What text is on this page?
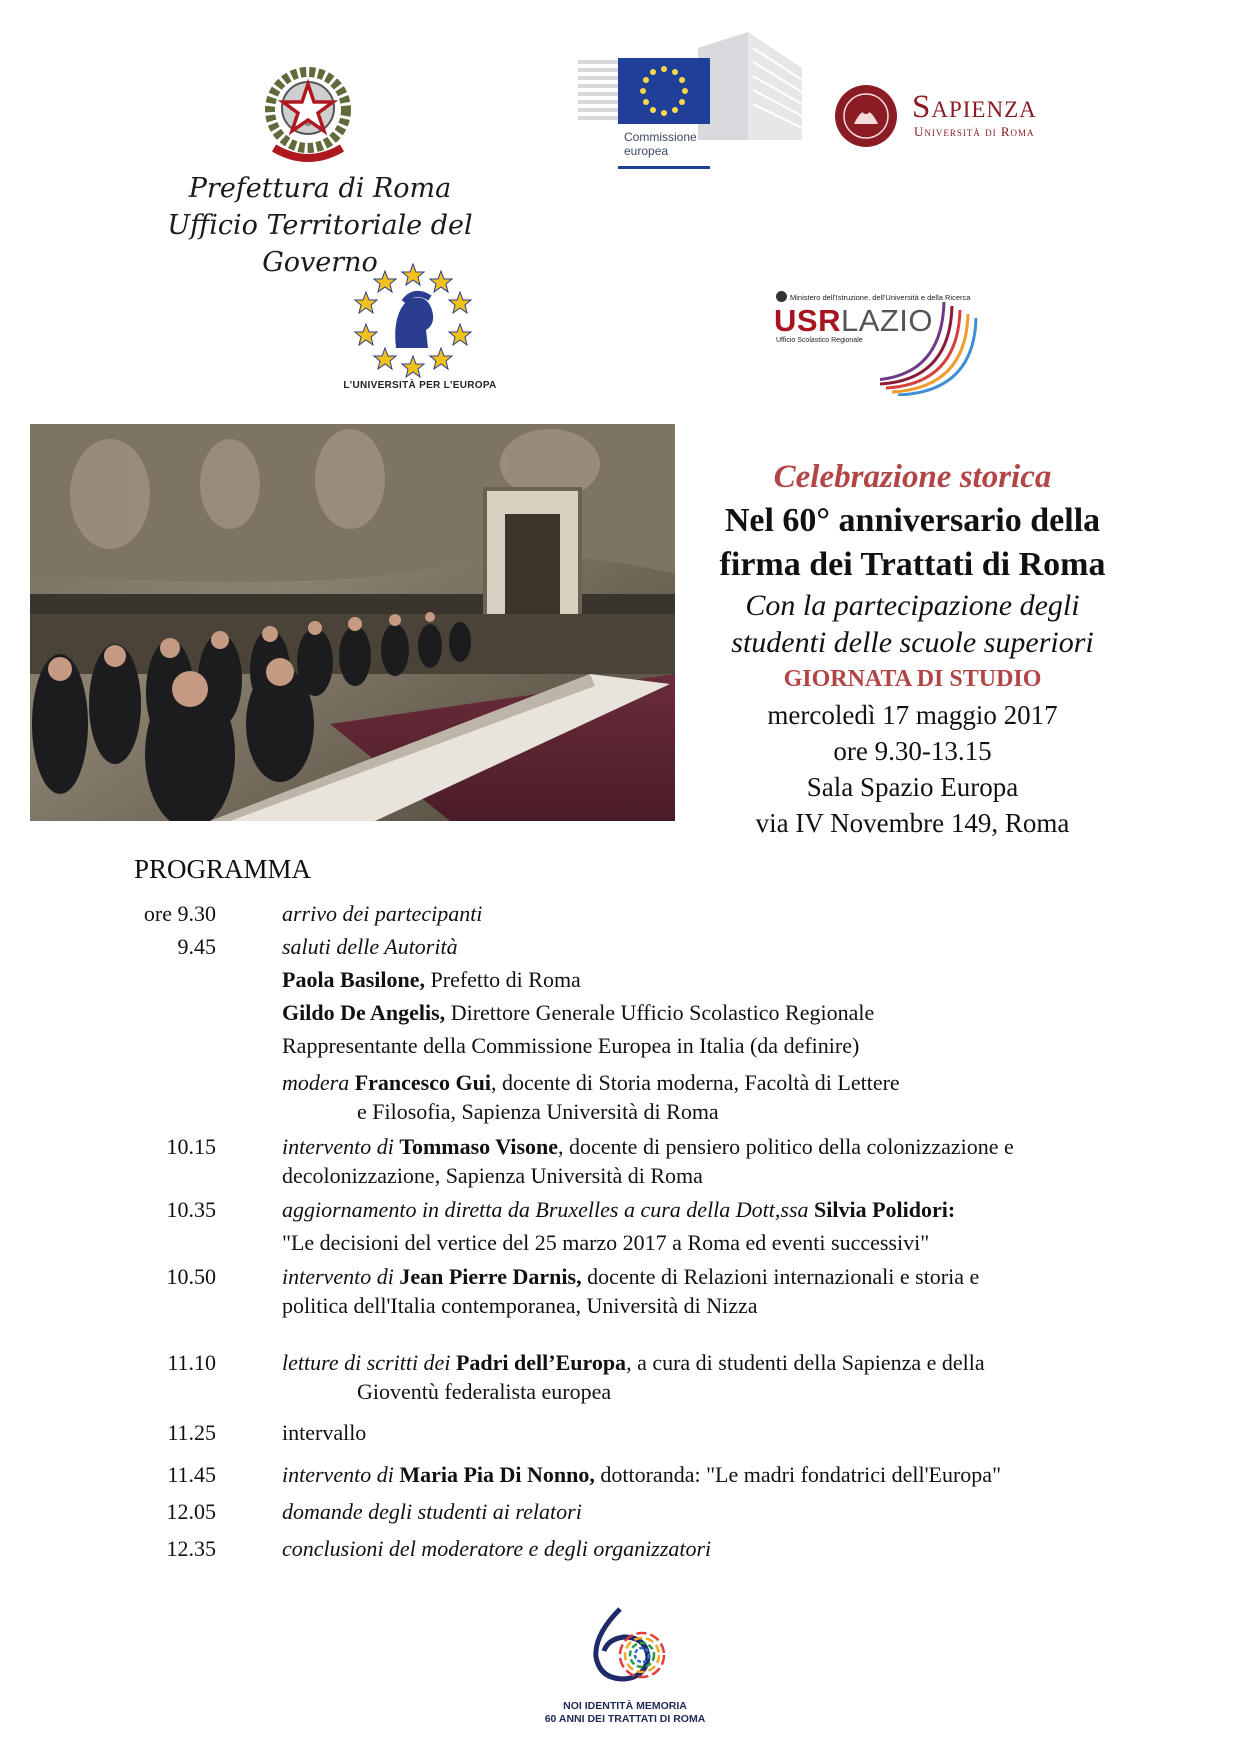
Prefettura di Roma
Ufficio Territoriale del Governo
Commissione
europea
Sapienza
Università di Roma
L'UNIVERSITÀ PER L'EUROPA
Ministero dell'Istruzione, dell'Università e della Ricerca
USRLAZIO
Ufficio Scolastico Regionale
Celebrazione storica
Nel 60° anniversario della
firma dei Trattati di Roma
Con la partecipazione degli
studenti delle scuole superiori
GIORNATA DI STUDIO
mercoledì 17 maggio 2017
ore 9.30-13.15
Sala Spazio Europa
via IV Novembre 149, Roma
PROGRAMMA
ore 9.30	arrivo dei partecipanti
9.45	saluti delle Autorità
Paola Basilone, Prefetto di Roma
Gildo De Angelis, Direttore Generale Ufficio Scolastico Regionale
Rappresentante della Commissione Europea in Italia (da definire)
modera Francesco Gui, docente di Storia moderna, Facoltà di Lettere
e Filosofia, Sapienza Università di Roma
10.15	intervento di Tommaso Visone, docente di pensiero politico della colonizzazione e
decolonizzazione, Sapienza Università di Roma
10.35	aggiornamento in diretta da Bruxelles a cura della Dott,ssa Silvia Polidori:
"Le decisioni del vertice del 25 marzo 2017 a Roma ed eventi successivi"
10.50	intervento di Jean Pierre Darnis, docente di Relazioni internazionali e storia e
politica dell'Italia contemporanea, Università di Nizza
11.10	letture di scritti dei Padri dell’Europa, a cura di studenti della Sapienza e della
Gioventù federalista europea
11.25	intervallo
11.45	intervento di Maria Pia Di Nonno, dottoranda: "Le madri fondatrici dell'Europa"
12.05	domande degli studenti ai relatori
12.35	conclusioni del moderatore e degli organizzatori
NOI IDENTITÀ MEMORIA
60 ANNI DEI TRATTATI DI ROMA
